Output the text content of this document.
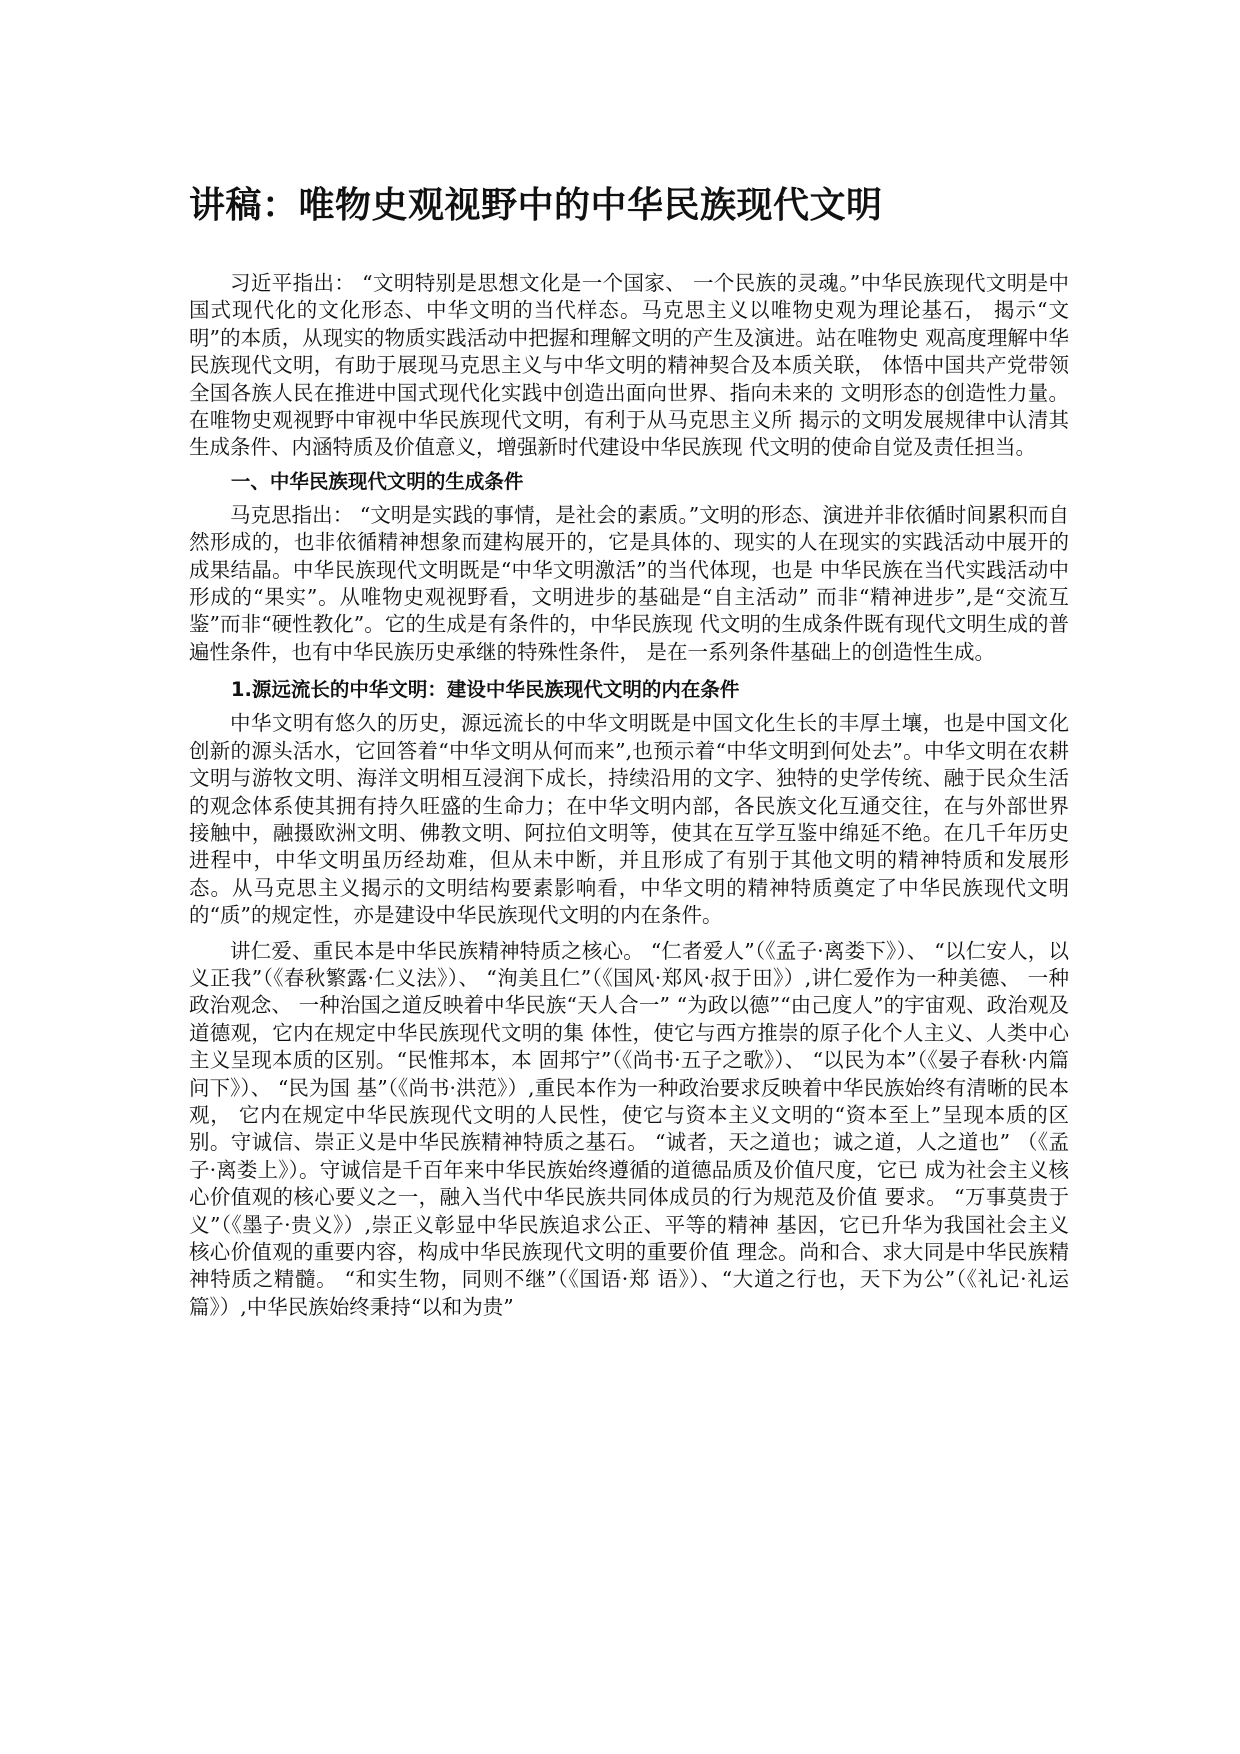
讲稿：唯物史观视野中的中华民族现代文明

习近平指出： “文明特别是思想文化是一个国家、 一个民族的灵魂。”中华民族现代文明是中国式现代化的文化形态、中华文明的当代样态。马克思主义以唯物史观为理论基石， 揭示“文明”的本质，从现实的物质实践活动中把握和理解文明的产生及演进。站在唯物史 观高度理解中华民族现代文明，有助于展现马克思主义与中华文明的精神契合及本质关联， 体悟中国共产党带领全国各族人民在推进中国式现代化实践中创造出面向世界、指向未来的 文明形态的创造性力量。在唯物史观视野中审视中华民族现代文明，有利于从马克思主义所 揭示的文明发展规律中认清其生成条件、内涵特质及价值意义，增强新时代建设中华民族现 代文明的使命自觉及责任担当。

一、中华民族现代文明的生成条件

马克思指出： “文明是实践的事情，是社会的素质。”文明的形态、演进并非依循时间累积而自然形成的，也非依循精神想象而建构展开的，它是具体的、现实的人在现实的实践活动中展开的成果结晶。中华民族现代文明既是“中华文明激活”的当代体现，也是 中华民族在当代实践活动中形成的“果实”。从唯物史观视野看，文明进步的基础是“自主活动” 而非“精神进步”,是“交流互鉴”而非“硬性教化”。它的生成是有条件的，中华民族现 代文明的生成条件既有现代文明生成的普遍性条件，也有中华民族历史承继的特殊性条件， 是在一系列条件基础上的创造性生成。

1.源远流长的中华文明：建设中华民族现代文明的内在条件

中华文明有悠久的历史，源远流长的中华文明既是中国文化生长的丰厚土壤，也是中国文化创新的源头活水，它回答着“中华文明从何而来”,也预示着“中华文明到何处去”。中华文明在农耕文明与游牧文明、海洋文明相互浸润下成长，持续沿用的文字、独特的史学传统、融于民众生活的观念体系使其拥有持久旺盛的生命力；在中华文明内部，各民族文化互通交往，在与外部世界接触中，融摄欧洲文明、佛教文明、阿拉伯文明等，使其在互学互鉴中绵延不绝。在几千年历史进程中，中华文明虽历经劫难，但从未中断，并且形成了有别于其他文明的精神特质和发展形态。从马克思主义揭示的文明结构要素影响看，中华文明的精神特质奠定了中华民族现代文明的“质”的规定性，亦是建设中华民族现代文明的内在条件。

讲仁爱、重民本是中华民族精神特质之核心。 “仁者爱人”（《孟子·离娄下》）、 “以仁安人，以义正我”（《春秋繁露·仁义法》）、 “洵美且仁”（《国风·郑风·叔于田》）,讲仁爱作为一种美德、 一种政治观念、 一种治国之道反映着中华民族“天人合一” “为政以德”“由己度人”的宇宙观、政治观及道德观，它内在规定中华民族现代文明的集 体性，使它与西方推崇的原子化个人主义、人类中心主义呈现本质的区别。“民惟邦本，本 固邦宁”（《尚书·五子之歌》）、 “以民为本”（《晏子春秋·内篇问下》）、 “民为国 基”（《尚书·洪范》）,重民本作为一种政治要求反映着中华民族始终有清晰的民本观， 它内在规定中华民族现代文明的人民性，使它与资本主义文明的“资本至上”呈现本质的区 别。守诚信、崇正义是中华民族精神特质之基石。 “诚者，天之道也；诚之道，人之道也” （《孟子·离娄上》）。守诚信是千百年来中华民族始终遵循的道德品质及价值尺度，它已 成为社会主义核心价值观的核心要义之一，融入当代中华民族共同体成员的行为规范及价值 要求。 “万事莫贵于义”（《墨子·贵义》）,崇正义彰显中华民族追求公正、平等的精神 基因，它已升华为我国社会主义核心价值观的重要内容，构成中华民族现代文明的重要价值 理念。尚和合、求大同是中华民族精神特质之精髓。 “和实生物，同则不继”（《国语·郑 语》）、“大道之行也，天下为公”（《礼记·礼运篇》）,中华民族始终秉持“以和为贵”
